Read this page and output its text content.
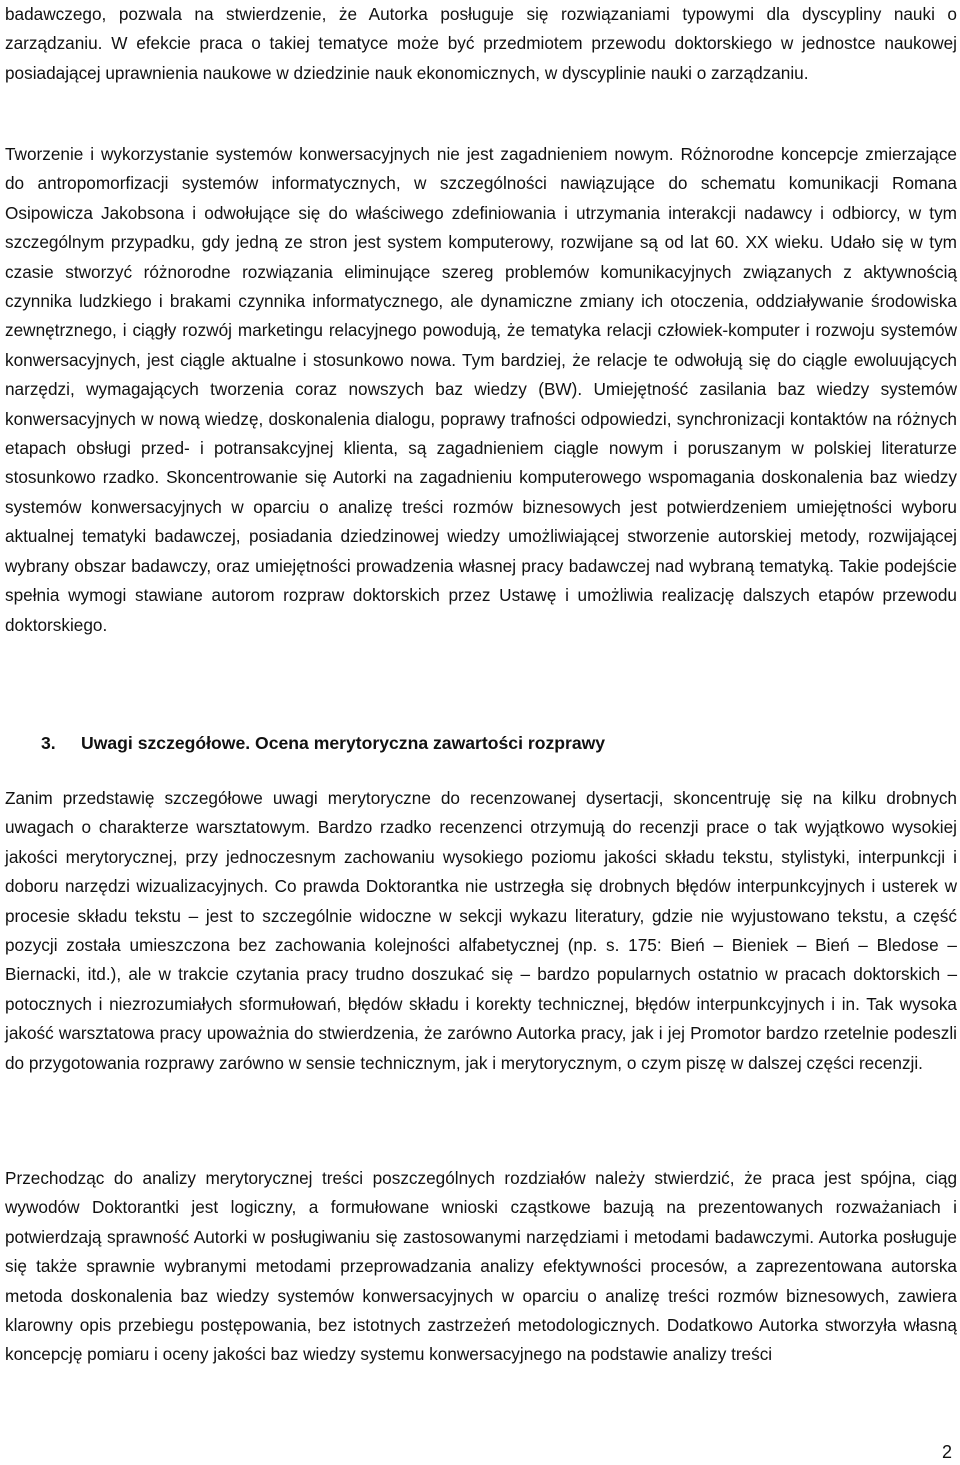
badawczego, pozwala na stwierdzenie, że Autorka posługuje się rozwiązaniami typowymi dla dyscypliny nauki o zarządzaniu. W efekcie praca o takiej tematyce może być przedmiotem przewodu doktorskiego w jednostce naukowej posiadającej uprawnienia naukowe w dziedzinie nauk ekonomicznych, w dyscyplinie nauki o zarządzaniu.

Tworzenie i wykorzystanie systemów konwersacyjnych nie jest zagadnieniem nowym. Różnorodne koncepcje zmierzające do antropomorfizacji systemów informatycznych, w szczególności nawiązujące do schematu komunikacji Romana Osipowicza Jakobsona i odwołujące się do właściwego zdefiniowania i utrzymania interakcji nadawcy i odbiorcy, w tym szczególnym przypadku, gdy jedną ze stron jest system komputerowy, rozwijane są od lat 60. XX wieku. Udało się w tym czasie stworzyć różnorodne rozwiązania eliminujące szereg problemów komunikacyjnych związanych z aktywnością czynnika ludzkiego i brakami czynnika informatycznego, ale dynamiczne zmiany ich otoczenia, oddziaływanie środowiska zewnętrznego, i ciągły rozwój marketingu relacyjnego powodują, że tematyka relacji człowiek-komputer i rozwoju systemów konwersacyjnych, jest ciągle aktualne i stosunkowo nowa. Tym bardziej, że relacje te odwołują się do ciągle ewoluujących narzędzi, wymagających tworzenia coraz nowszych baz wiedzy (BW). Umiejętność zasilania baz wiedzy systemów konwersacyjnych w nową wiedzę, doskonalenia dialogu, poprawy trafności odpowiedzi, synchronizacji kontaktów na różnych etapach obsługi przed- i potransakcyjnej klienta, są zagadnieniem ciągle nowym i poruszanym w polskiej literaturze stosunkowo rzadko. Skoncentrowanie się Autorki na zagadnieniu komputerowego wspomagania doskonalenia baz wiedzy systemów konwersacyjnych w oparciu o analizę treści rozmów biznesowych jest potwierdzeniem umiejętności wyboru aktualnej tematyki badawczej, posiadania dziedzinowej wiedzy umożliwiającej stworzenie autorskiej metody, rozwijającej wybrany obszar badawczy, oraz umiejętności prowadzenia własnej pracy badawczej nad wybraną tematyką. Takie podejście spełnia wymogi stawiane autorom rozpraw doktorskich przez Ustawę i umożliwia realizację dalszych etapów przewodu doktorskiego.

3. Uwagi szczegółowe. Ocena merytoryczna zawartości rozprawy

Zanim przedstawię szczegółowe uwagi merytoryczne do recenzowanej dysertacji, skoncentruję się na kilku drobnych uwagach o charakterze warsztatowym. Bardzo rzadko recenzenci otrzymują do recenzji prace o tak wyjątkowo wysokiej jakości merytorycznej, przy jednoczesnym zachowaniu wysokiego poziomu jakości składu tekstu, stylistyki, interpunkcji i doboru narzędzi wizualizacyjnych. Co prawda Doktorantka nie ustrzegła się drobnych błędów interpunkcyjnych i usterek w procesie składu tekstu – jest to szczególnie widoczne w sekcji wykazu literatury, gdzie nie wyjustowano tekstu, a część pozycji została umieszczona bez zachowania kolejności alfabetycznej (np. s. 175: Bień – Bieniek – Bień – Bledose – Biernacki, itd.), ale w trakcie czytania pracy trudno doszukać się – bardzo popularnych ostatnio w pracach doktorskich – potocznych i niezrozumiałych sformułowań, błędów składu i korekty technicznej, błędów interpunkcyjnych i in. Tak wysoka jakość warsztatowa pracy upoważnia do stwierdzenia, że zarówno Autorka pracy, jak i jej Promotor bardzo rzetelnie podeszli do przygotowania rozprawy zarówno w sensie technicznym, jak i merytorycznym, o czym piszę w dalszej części recenzji.

Przechodząc do analizy merytorycznej treści poszczególnych rozdziałów należy stwierdzić, że praca jest spójna, ciąg wywodów Doktorantki jest logiczny, a formułowane wnioski cząstkowe bazują na prezentowanych rozważaniach i potwierdzają sprawność Autorki w posługiwaniu się zastosowanymi narzędziami i metodami badawczymi. Autorka posługuje się także sprawnie wybranymi metodami przeprowadzania analizy efektywności procesów, a zaprezentowana autorska metoda doskonalenia baz wiedzy systemów konwersacyjnych w oparciu o analizę treści rozmów biznesowych, zawiera klarowny opis przebiegu postępowania, bez istotnych zastrzeżeń metodologicznych. Dodatkowo Autorka stworzyła własną koncepcję pomiaru i oceny jakości baz wiedzy systemu konwersacyjnego na podstawie analizy treści

2
